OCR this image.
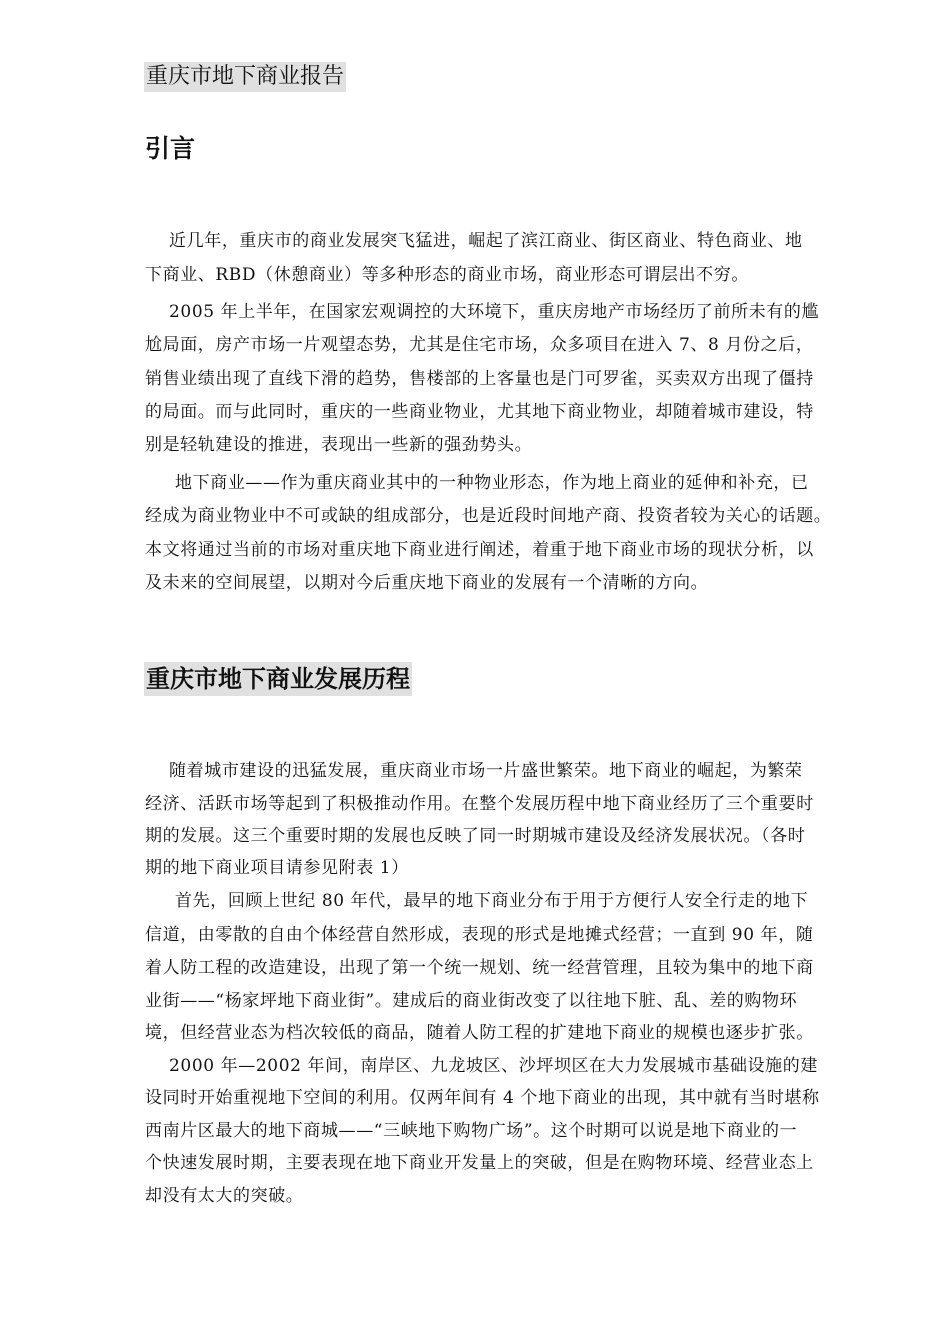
重庆市地下商业报告
引言
近几年，重庆市的商业发展突飞猛进，崛起了滨江商业、街区商业、特色商业、地
下商业、RBD（休憩商业）等多种形态的商业市场，商业形态可谓层出不穷。
2005 年上半年，在国家宏观调控的大环境下，重庆房地产市场经历了前所未有的尴
尬局面，房产市场一片观望态势，尤其是住宅市场，众多项目在进入 7、8 月份之后，
销售业绩出现了直线下滑的趋势，售楼部的上客量也是门可罗雀，买卖双方出现了僵持
的局面。而与此同时，重庆的一些商业物业，尤其地下商业物业，却随着城市建设，特
别是轻轨建设的推进，表现出一些新的强劲势头。
地下商业——作为重庆商业其中的一种物业形态，作为地上商业的延伸和补充，已
经成为商业物业中不可或缺的组成部分，也是近段时间地产商、投资者较为关心的话题。
本文将通过当前的市场对重庆地下商业进行阐述，着重于地下商业市场的现状分析，以
及未来的空间展望，以期对今后重庆地下商业的发展有一个清晰的方向。
重庆市地下商业发展历程
随着城市建设的迅猛发展，重庆商业市场一片盛世繁荣。地下商业的崛起，为繁荣
经济、活跃市场等起到了积极推动作用。在整个发展历程中地下商业经历了三个重要时
期的发展。这三个重要时期的发展也反映了同一时期城市建设及经济发展状况。（各时
期的地下商业项目请参见附表 1）
首先，回顾上世纪 80 年代，最早的地下商业分布于用于方便行人安全行走的地下
信道，由零散的自由个体经营自然形成，表现的形式是地摊式经营；一直到 90 年，随
着人防工程的改造建设，出现了第一个统一规划、统一经营管理，且较为集中的地下商
业街——“杨家坪地下商业街”。建成后的商业街改变了以往地下脏、乱、差的购物环
境，但经营业态为档次较低的商品，随着人防工程的扩建地下商业的规模也逐步扩张。
2000 年—2002 年间，南岸区、九龙坡区、沙坪坝区在大力发展城市基础设施的建
设同时开始重视地下空间的利用。仅两年间有 4 个地下商业的出现，其中就有当时堪称
西南片区最大的地下商城——“三峡地下购物广场”。这个时期可以说是地下商业的一
个快速发展时期，主要表现在地下商业开发量上的突破，但是在购物环境、经营业态上
却没有太大的突破。
